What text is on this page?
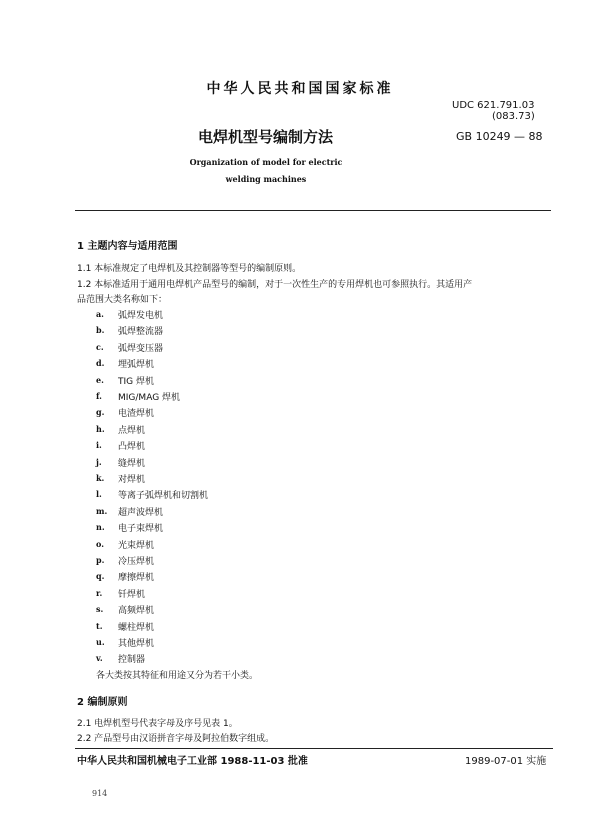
中华人民共和国国家标准
UDC 621.791.03
(083.73)
电焊机型号编制方法	GB 10249 — 88
Organization of model for electric
welding machines
1 主题内容与适用范围
1.1 本标准规定了电焊机及其控制器等型号的编制原则。
1.2 本标准适用于通用电焊机产品型号的编制，对于一次性生产的专用焊机也可参照执行。其适用产
品范围大类名称如下：
a. 弧焊发电机
b. 弧焊整流器
c. 弧焊变压器
d. 埋弧焊机
e. TIG 焊机
f. MIG/MAG 焊机
g. 电渣焊机
h. 点焊机
i. 凸焊机
j. 缝焊机
k. 对焊机
l. 等离子弧焊机和切割机
m. 超声波焊机
n. 电子束焊机
o. 光束焊机
p. 冷压焊机
q. 摩擦焊机
r. 钎焊机
s. 高频焊机
t. 螺柱焊机
u. 其他焊机
v. 控制器
各大类按其特征和用途又分为若干小类。
2 编制原则
2.1 电焊机型号代表字母及序号见表 1。
2.2 产品型号由汉语拼音字母及阿拉伯数字组成。
中华人民共和国机械电子工业部 1988-11-03 批准	1989-07-01 实施
914
